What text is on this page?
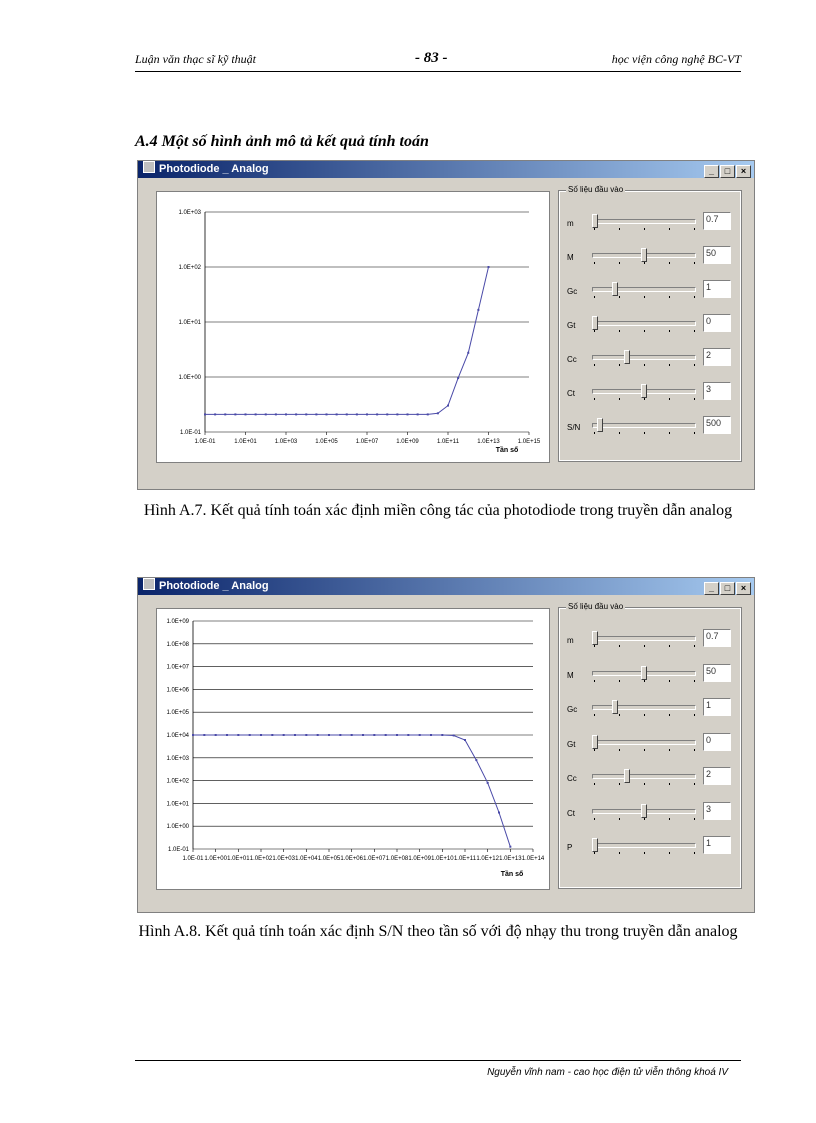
Luận văn thạc sĩ kỹ thuật	- 83 -	học viện công nghệ BC-VT
A.4 Một số hình ảnh mô tả kết quả tính toán
Photodiode _ Analog	_ □ ×
1.0E+03
1.0E+02
1.0E+01
1.0E+00
1.0E-01
1.0E-01	1.0E+01	1.0E+03	1.0E+05	1.0E+07	1.0E+09	1.0E+11	1.0E+13	1.0E+15
Tần số
Số liệu đầu vào
m	0.7
M	50
Gc	1
Gt	0
Cc	2
Ct	3
S/N	500
Hình A.7. Kết quả tính toán xác định miền công tác của photodiode trong truyền dẫn analog
Photodiode _ Analog	_ □ ×
1.0E+09
1.0E+08
1.0E+07
1.0E+06
1.0E+05
1.0E+04
1.0E+03
1.0E+02
1.0E+01
1.0E+00
1.0E-01
1.0E-01 1.0E+00 1.0E+01 1.0E+02 1.0E+03 1.0E+04 1.0E+05 1.0E+06 1.0E+07 1.0E+08 1.0E+09 1.0E+10 1.0E+11 1.0E+12 1.0E+13 1.0E+14
Tần số
Số liệu đầu vào
m	0.7
M	50
Gc	1
Gt	0
Cc	2
Ct	3
P	1
Hình A.8. Kết quả tính toán xác định S/N theo tần số với độ nhạy thu trong truyền dẫn analog
Nguyễn vĩnh nam - cao học điện tử viễn thông khoá IV
